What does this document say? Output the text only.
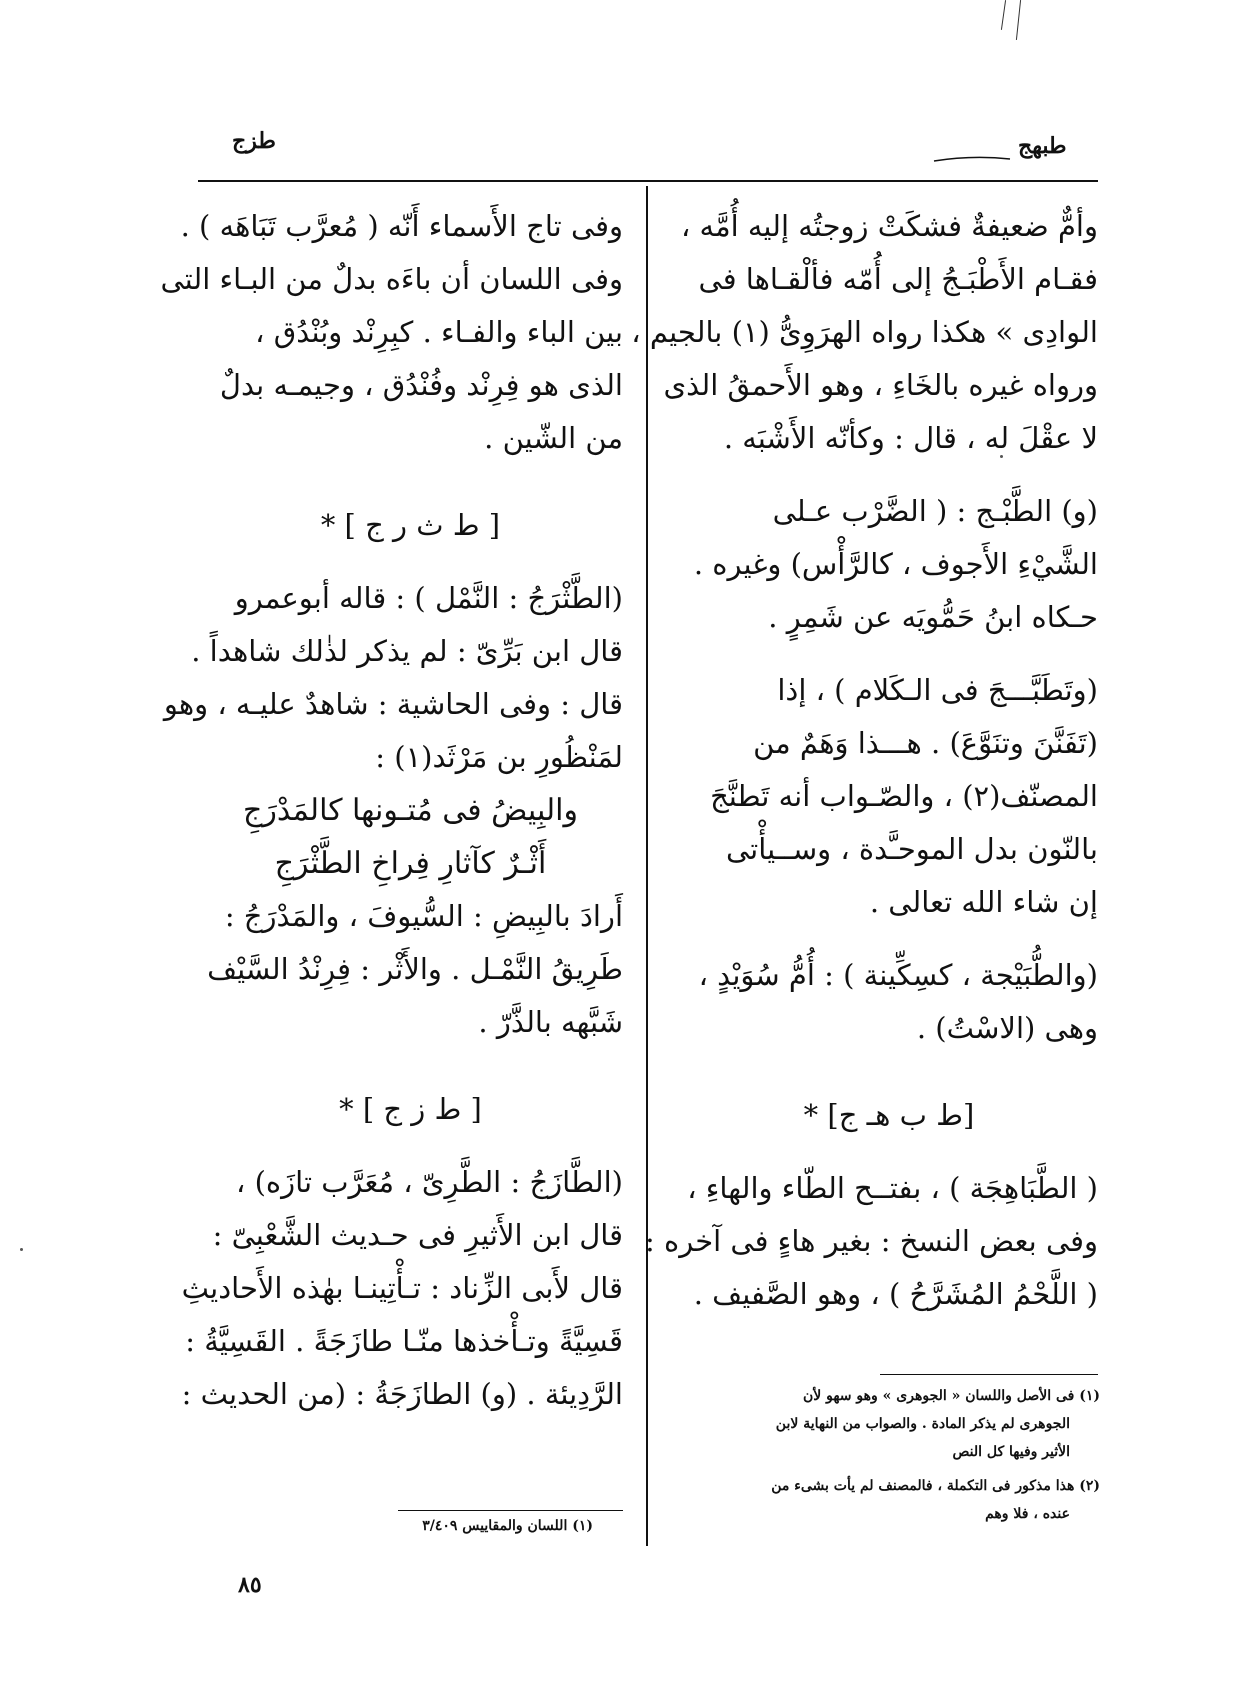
طبهج
طزج

وأمٌّ ضعيفةٌ فشكَتْ زوجتُه إليه أُمَّه ،

فقـام الأَطْبَـجُ إلى أُمّه فألْقـاها فى

الوادِى » هكذا رواه الهرَوِىُّ (١) بالجيم ،

ورواه غيره بالخَاءِ ، وهو الأَحمقُ الذى

لا عقْلَ له ، قال : وكأنّه الأَشْبَه .

(و) الطَّبْـج : ( الضَّرْب عـلى

الشَّيْءِ الأَجوف ، كالرَّأْس) وغيره .

حـكاه ابنُ حَمُّويَه عن شَمِرٍ .

(وتَطَبَّـــجَ فى الـكَلام ) ، إذا

(تَفَنَّنَ وتنَوَّعَ) . هـــذا وَهَمٌ من

المصنّف(٢) ، والصّـواب أنه تَطنَّجَ

بالنّون بدل الموحـَّدة ، وســيأْتى

إن شاء الله تعالى .

(والطُّبَيْجة ، كسِكِّينة ) : أُمُّ سُوَيْدٍ ،

وهى (الاسْتُ) .

[ط ب هـ ج] *

( الطَّبَاهِجَة ) ، بفتــح الطّاء والهاءِ ،

وفى بعض النسخ : بغير هاءٍ فى آخره :

( اللَّحْمُ المُشَرَّحُ ) ، وهو الصَّفيف .

وفى تاج الأَسماء أَنّه ( مُعرَّب تَبَاهَه ) .

وفى اللسان أن باءَه بدلٌ من البـاء التى

بين الباء والفـاء . كبِرِنْد وبُنْدُق ،

الذى هو فِرِنْد وفُنْدُق ، وجيمـه بدلٌ

من الشّين .

[ ط ث ر ج ] *

(الطَّثْرَجُ : النَّمْل ) : قاله أبوعمرو

قال ابن بَرِّىّ : لم يذكر لذٰلك شاهداً .

قال : وفى الحاشية : شاهدٌ عليـه ، وهو

لمَنْظُورِ بن مَرْثَد(١) :

والبِيضُ فى مُتـونها كالمَدْرَجِ

أَثْـرٌ كآثارِ فِراخِ الطَّثْرَجِ

أَرادَ بالبِيضِ : السُّيوفَ ، والمَدْرَجُ :

طَرِيقُ النَّمْـل . والأَثْر : فِرِنْدُ السَّيْف

شَبَّهه بالذَّرّ .

[ ط ز ج ] *

(الطَّازَجُ : الطَّرِىّ ، مُعَرَّب تازَه) ،

قال ابن الأَثيرِ فى حـديث الشَّعْبِىّ :

قال لأَبى الزِّناد : تـأْتِينـا بهٰذه الأَحاديثِ

قَسِيَّةً وتـأْخذها منّـا طازَجَةً . القَسِيَّةُ :

الرَّدِيئة . (و) الطازَجَةُ : (من الحديث :	(١) فى الأصل واللسان « الجوهرى » وهو سهو لأن
الجوهرى لم يذكر المادة . والصواب من النهاية لابن
الأثير وفيها كل النص
(٢) هذا مذكور فى التكملة ، فالمصنف لم يأت بشىء من
عنده ، فلا وهم
(١) اللسان والمقاييس ٣/٤٠٩
٨٥
